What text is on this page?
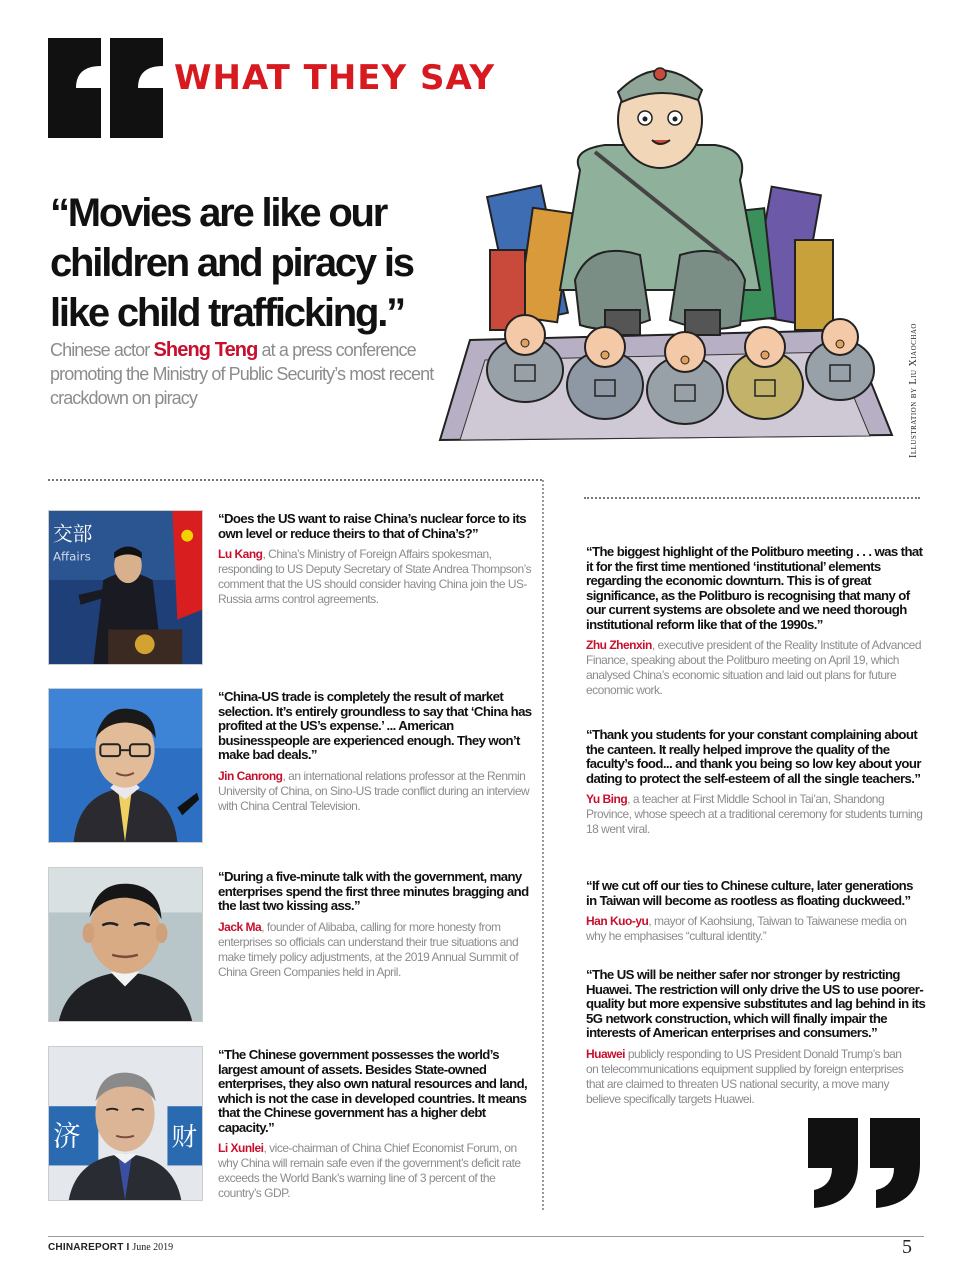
WHAT THEY SAY
“Movies are like our children and piracy is like child trafficking.”
Chinese actor Sheng Teng at a press conference promoting the Ministry of Public Security’s most recent crackdown on piracy	Illustration by Liu Xiaochao
交部
Affairs
济	财
“Does the US want to raise China’s nuclear force to its own level or reduce theirs to that of China’s?”
Lu Kang, China’s Ministry of Foreign Affairs spokesman, responding to US Deputy Secretary of State Andrea Thompson’s comment that the US should consider having China join the US-Russia arms control agreements.
“China-US trade is completely the result of market selection. It’s entirely groundless to say that ‘China has profited at the US’s expense.’ ... American businesspeople are experienced enough. They won’t make bad deals.”
Jin Canrong, an international relations professor at the Renmin University of China, on Sino-US trade conflict during an interview with China Central Television.
“During a five-minute talk with the government, many enterprises spend the first three minutes bragging and the last two kissing ass.”
Jack Ma, founder of Alibaba, calling for more honesty from enterprises so officials can understand their true situations and make timely policy adjustments, at the 2019 Annual Summit of China Green Companies held in April.
“The Chinese government possesses the world’s largest amount of assets. Besides State-owned enterprises, they also own natural resources and land, which is not the case in developed countries. It means that the Chinese government has a higher debt capacity.”
Li Xunlei, vice-chairman of China Chief Economist Forum, on why China will remain safe even if the government’s deficit rate exceeds the World Bank’s warning line of 3 percent of the country’s GDP.
“The biggest highlight of the Politburo meeting . . . was that it for the first time mentioned ‘institutional’ elements regarding the economic downturn. This is of great significance, as the Politburo is recognising that many of our current systems are obsolete and we need thorough institutional reform like that of the 1990s.”
Zhu Zhenxin, executive president of the Reality Institute of Advanced Finance, speaking about the Politburo meeting on April 19, which analysed China’s economic situation and laid out plans for future economic work.
“Thank you students for your constant complaining about the canteen. It really helped improve the quality of the faculty’s food... and thank you being so low key about your dating to protect the self-esteem of all the single teachers.”
Yu Bing, a teacher at First Middle School in Tai’an, Shandong Province, whose speech at a traditional ceremony for students turning 18 went viral.
“If we cut off our ties to Chinese culture, later generations in Taiwan will become as rootless as floating duckweed.”
Han Kuo-yu, mayor of Kaohsiung, Taiwan to Taiwanese media on why he emphasises “cultural identity.”
“The US will be neither safer nor stronger by restricting Huawei. The restriction will only drive the US to use poorer-quality but more expensive substitutes and lag behind in its 5G network construction, which will finally impair the interests of American enterprises and consumers.”
Huawei publicly responding to US President Donald Trump’s ban on telecommunications equipment supplied by foreign enterprises that are claimed to threaten US national security, a move many believe specifically targets Huawei.
CHINAREPORT I June 2019	5
